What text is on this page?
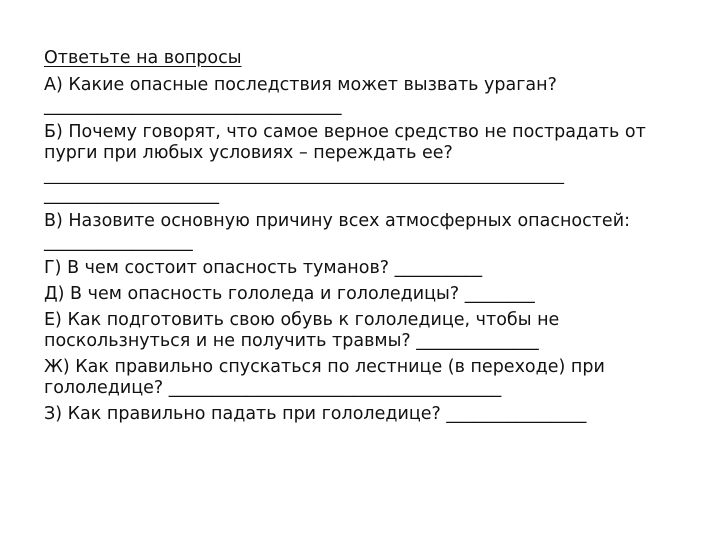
Ответьте на вопросы
А) Какие опасные последствия может вызвать ураган?
__________________________________
Б) Почему говорят, что самое верное средство не пострадать от
пурги при любых условиях – переждать ее?
_________________________________________________________________
____________________
В) Назовите основную причину всех атмосферных опасностей:
_________________
Г) В чем состоит опасность туманов? __________
Д) В чем опасность гололеда и гололедицы? ________
Е) Как подготовить свою обувь к гололедице, чтобы не
поскользнуться и не получить травмы? ______________
Ж) Как правильно спускаться по лестнице (в переходе) при
гололедице? ______________________________________
З) Как правильно падать при гололедице? ________________
